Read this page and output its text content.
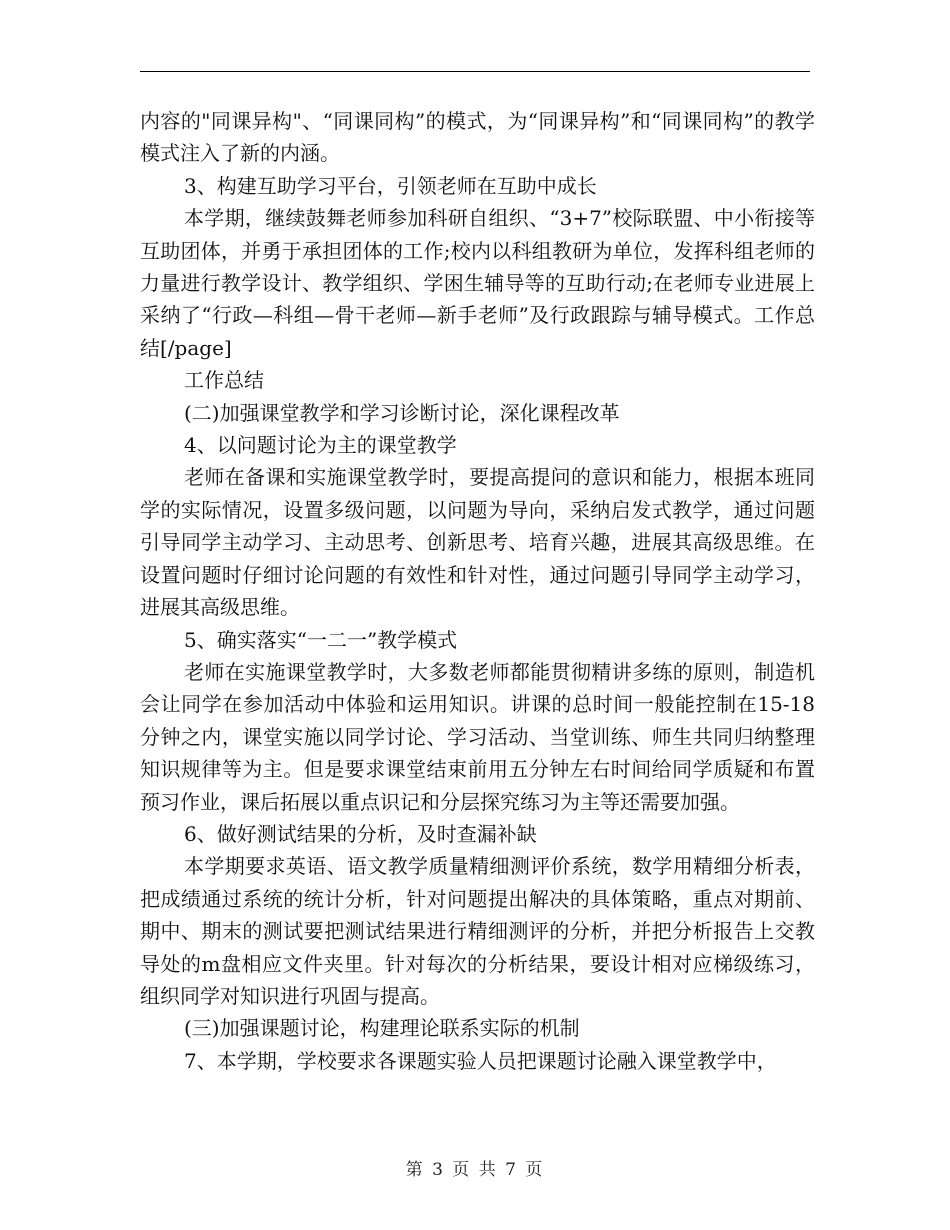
内容的"同课异构"、“同课同构”的模式，为“同课异构”和“同课同构”的教学模式注入了新的内涵。

3、构建互助学习平台，引领老师在互助中成长

本学期，继续鼓舞老师参加科研自组织、“3+7”校际联盟、中小衔接等互助团体，并勇于承担团体的工作;校内以科组教研为单位，发挥科组老师的力量进行教学设计、教学组织、学困生辅导等的互助行动;在老师专业进展上采纳了“行政—科组—骨干老师—新手老师”及行政跟踪与辅导模式。工作总结[/page]

工作总结

(二)加强课堂教学和学习诊断讨论，深化课程改革

4、以问题讨论为主的课堂教学

老师在备课和实施课堂教学时，要提高提问的意识和能力，根据本班同学的实际情况，设置多级问题，以问题为导向，采纳启发式教学，通过问题引导同学主动学习、主动思考、创新思考、培育兴趣，进展其高级思维。在设置问题时仔细讨论问题的有效性和针对性，通过问题引导同学主动学习，进展其高级思维。

5、确实落实“一二一”教学模式

老师在实施课堂教学时，大多数老师都能贯彻精讲多练的原则，制造机会让同学在参加活动中体验和运用知识。讲课的总时间一般能控制在15-18分钟之内，课堂实施以同学讨论、学习活动、当堂训练、师生共同归纳整理知识规律等为主。但是要求课堂结束前用五分钟左右时间给同学质疑和布置预习作业，课后拓展以重点识记和分层探究练习为主等还需要加强。

6、做好测试结果的分析，及时查漏补缺

本学期要求英语、语文教学质量精细测评价系统，数学用精细分析表，把成绩通过系统的统计分析，针对问题提出解决的具体策略，重点对期前、期中、期末的测试要把测试结果进行精细测评的分析，并把分析报告上交教导处的m盘相应文件夹里。针对每次的分析结果，要设计相对应梯级练习，组织同学对知识进行巩固与提高。

(三)加强课题讨论，构建理论联系实际的机制

7、本学期，学校要求各课题实验人员把课题讨论融入课堂教学中，

第 3 页 共 7 页
